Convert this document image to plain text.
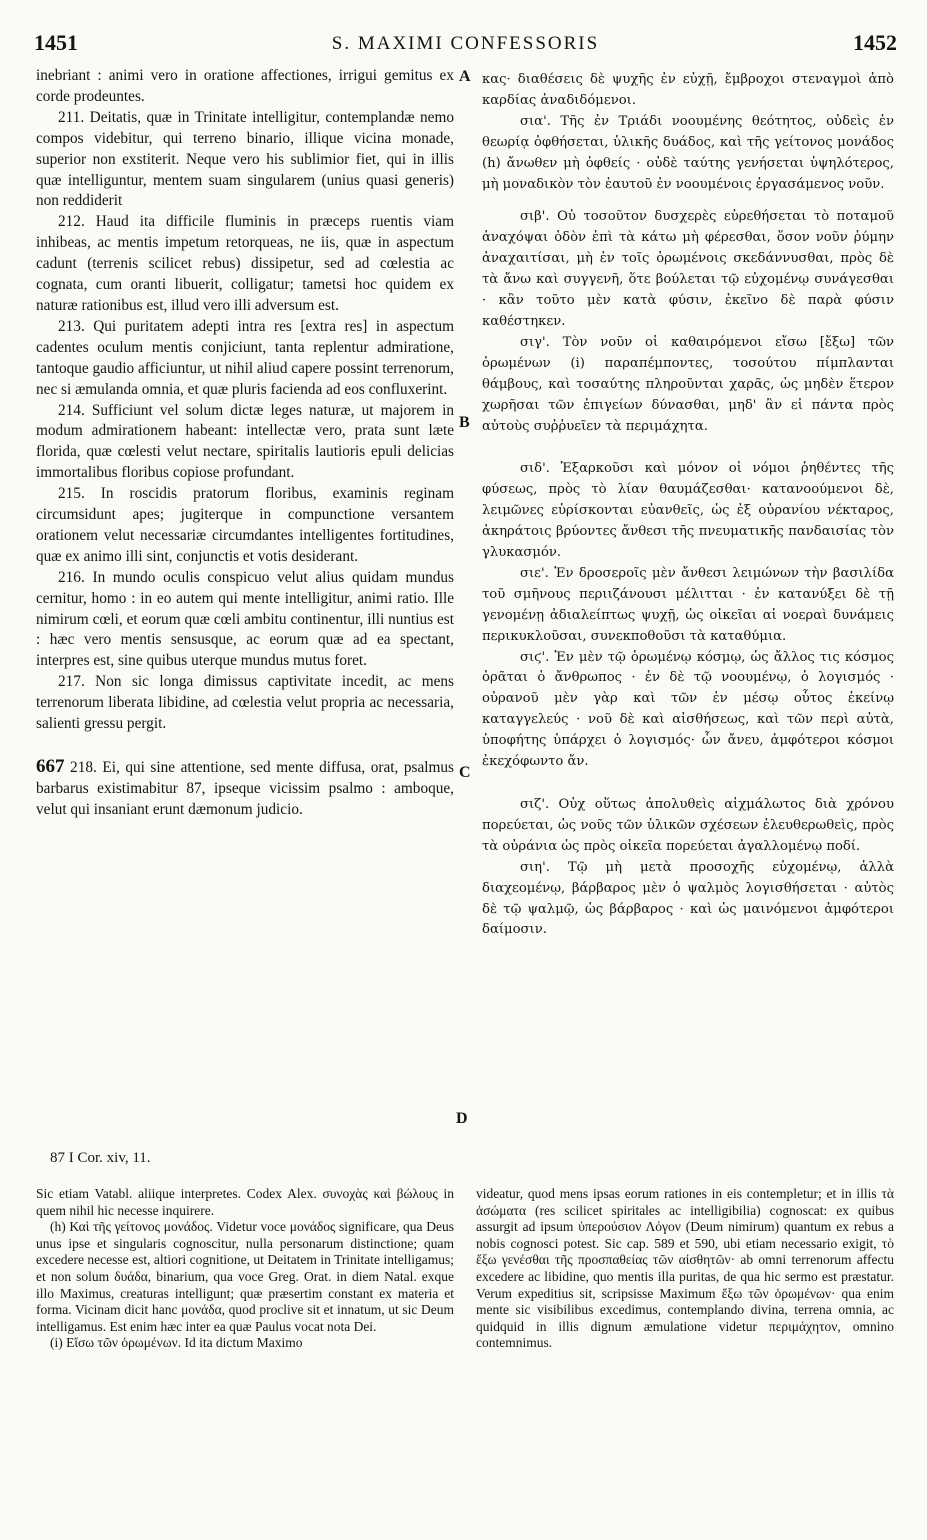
1451	S. MAXIMI CONFESSORIS	1452
A
B
C
D

inebriant : animi vero in oratione affectiones, irrigui gemitus ex corde prodeuntes.

211. Deitatis, quæ in Trinitate intelligitur, contemplandæ nemo compos videbitur, qui terreno binario, illique vicina monade, superior non exstiterit. Neque vero his sublimior fiet, qui in illis quæ intelliguntur, mentem suam singularem (unius quasi generis) non reddiderit

212. Haud ita difficile fluminis in præceps ruentis viam inhibeas, ac mentis impetum retorqueas, ne iis, quæ in aspectum cadunt (terrenis scilicet rebus) dissipetur, sed ad cœlestia ac cognata, cum oranti libuerit, colligatur; tametsi hoc quidem ex naturæ rationibus est, illud vero illi adversum est.

213. Qui puritatem adepti intra res [extra res] in aspectum cadentes oculum mentis conjiciunt, tanta replentur admiratione, tantoque gaudio afficiuntur, ut nihil aliud capere possint terrenorum, nec si æmulanda omnia, et quæ pluris facienda ad eos confluxerint.

214. Sufficiunt vel solum dictæ leges naturæ, ut majorem in modum admirationem habeant: intellectæ vero, prata sunt læte florida, quæ cœlesti velut nectare, spiritalis lautioris epuli delicias immortalibus floribus copiose profundant.

215. In roscidis pratorum floribus, examinis reginam circumsidunt apes; jugiterque in compunctione versantem orationem velut necessariæ circumdantes intelligentes fortitudines, quæ ex animo illi sint, conjunctis et votis desiderant.

216. In mundo oculis conspicuo velut alius quidam mundus cernitur, homo : in eo autem qui mente intelligitur, animi ratio. Ille nimirum cœli, et eorum quæ cœli ambitu continentur, illi nuntius est : hæc vero mentis sensusque, ac eorum quæ ad ea spectant, interpres est, sine quibus uterque mundus mutus foret.

217. Non sic longa dimissus captivitate incedit, ac mens terrenorum liberata libidine, ad cœlestia velut propria ac necessaria, salienti gressu pergit.

667 218. Ei, qui sine attentione, sed mente diffusa, orat, psalmus barbarus existimabitur 87, ipseque vicissim psalmo : amboque, velut qui insaniant erunt dæmonum judicio.

κας· διαθέσεις δὲ ψυχῆς ἐν εὐχῇ, ἔμβροχοι στεναγμοὶ ἀπὸ καρδίας ἀναδιδόμενοι.

σια'. Τῆς ἐν Τριάδι νοουμένης θεότητος, οὐδεὶς ἐν θεωρίᾳ ὀφθήσεται, ὑλικῆς δυάδος, καὶ τῆς γείτονος μονάδος (h) ἄνωθεν μὴ ὀφθείς · οὐδὲ ταύτης γενήσεται ὑψηλότερος, μὴ μοναδικὸν τὸν ἑαυτοῦ ἐν νοουμένοις ἐργασάμενος νοῦν.

σιβ'. Οὐ τοσοῦτον δυσχερὲς εὑρεθήσεται τὸ ποταμοῦ ἀναχόψαι ὁδὸν ἐπὶ τὰ κάτω μὴ φέρεσθαι, ὅσον νοῦν ῥύμην ἀναχαιτίσαι, μὴ ἐν τοῖς ὁρωμένοις σκεδάννυσθαι, πρὸς δὲ τὰ ἄνω καὶ συγγενῆ, ὅτε βούλεται τῷ εὐχομένῳ συνάγεσθαι · κἂν τοῦτο μὲν κατὰ φύσιν, ἐκεῖνο δὲ παρὰ φύσιν καθέστηκεν.

σιγ'. Τὸν νοῦν οἱ καθαιρόμενοι εἴσω [ἔξω] τῶν ὁρωμένων (i) παραπέμποντες, τοσούτου πίμπλανται θάμβους, καὶ τοσαύτης πληροῦνται χαρᾶς, ὡς μηδὲν ἕτερον χωρῆσαι τῶν ἐπιγείων δύνασθαι, μηδ' ἂν εἰ πάντα πρὸς αὐτοὺς συῤῥυεῖεν τὰ περιμάχητα.

σιδ'. Ἐξαρκοῦσι καὶ μόνον οἱ νόμοι ῥηθέντες τῆς φύσεως, πρὸς τὸ λίαν θαυμάζεσθαι· κατανοούμενοι δὲ, λειμῶνες εὑρίσκονται εὐανθεῖς, ὡς ἐξ οὐρανίου νέκταρος, ἀκηράτοις βρύοντες ἄνθεσι τῆς πνευματικῆς πανδαισίας τὸν γλυκασμόν.

σιε'. Ἐν δροσεροῖς μὲν ἄνθεσι λειμώνων τὴν βασιλίδα τοῦ σμῆνους περιιζάνουσι μέλιτται · ἐν κατανύξει δὲ τῇ γενομένῃ ἀδιαλείπτως ψυχῇ, ὡς οἰκεῖαι αἱ νοεραὶ δυνάμεις περικυκλοῦσαι, συνεκποθοῦσι τὰ καταθύμια.

σιϛ'. Ἐν μὲν τῷ ὁρωμένῳ κόσμῳ, ὡς ἄλλος τις κόσμος ὁρᾶται ὁ ἄνθρωπος · ἐν δὲ τῷ νοουμένῳ, ὁ λογισμός · οὐρανοῦ μὲν γὰρ καὶ τῶν ἐν μέσῳ οὗτος ἐκείνῳ καταγγελεύς · νοῦ δὲ καὶ αἰσθήσεως, καὶ τῶν περὶ αὐτὰ, ὑποφήτης ὑπάρχει ὁ λογισμός· ὧν ἄνευ, ἀμφότεροι κόσμοι ἐκεχόφωντο ἄν.

σιζ'. Οὐχ οὕτως ἀπολυθεὶς αἰχμάλωτος διὰ χρόνου πορεύεται, ὡς νοῦς τῶν ὑλικῶν σχέσεων ἐλευθερωθεὶς, πρὸς τὰ οὐράνια ὡς πρὸς οἰκεῖα πορεύεται ἀγαλλομένῳ ποδί.

σιη'. Τῷ μὴ μετὰ προσοχῆς εὐχομένῳ, ἀλλὰ διαχεομένῳ, βάρβαρος μὲν ὁ ψαλμὸς λογισθήσεται · αὐτὸς δὲ τῷ ψαλμῷ, ὡς βάρβαρος · καὶ ὡς μαινόμενοι ἀμφότεροι δαίμοσιν.

87 I Cor. xiv, 11.

Sic etiam Vatabl. aliique interpretes. Codex Alex. συνοχὰς καὶ βώλους in quem nihil hic necesse inquirere.

(h) Καὶ τῆς γείτονος μονάδος. Videtur voce μονάδος significare, qua Deus unus ipse et singularis cognoscitur, nulla personarum distinctione; quam excedere necesse est, altiori cognitione, ut Deitatem in Trinitate intelligamus; et non solum δυάδα, binarium, qua voce Greg. Orat. in diem Natal. exque illo Maximus, creaturas intelligunt; quæ præsertim constant ex materia et forma. Vicinam dicit hanc μονάδα, quod proclive sit et innatum, ut sic Deum intelligamus. Est enim hæc inter ea quæ Paulus vocat nota Dei.

(i) Εἴσω τῶν ὁρωμένων. Id ita dictum Maximo

videatur, quod mens ipsas eorum rationes in eis contempletur; et in illis τὰ ἀσώματα (res scilicet spiritales ac intelligibilia) cognoscat: ex quibus assurgit ad ipsum ὑπερούσιον Λόγον (Deum nimirum) quantum ex rebus a nobis cognosci potest. Sic cap. 589 et 590, ubi etiam necessario exigit, τὸ ἔξω γενέσθαι τῆς προσπαθείας τῶν αἰσθητῶν· ab omni terrenorum affectu excedere ac libidine, quo mentis illa puritas, de qua hic sermo est præstatur. Verum expeditius sit, scripsisse Maximum ἔξω τῶν ὁρωμένων· qua enim mente sic visibilibus excedimus, contemplando divina, terrena omnia, ac quidquid in illis dignum æmulatione videtur περιμάχητον, omnino contemnimus.
